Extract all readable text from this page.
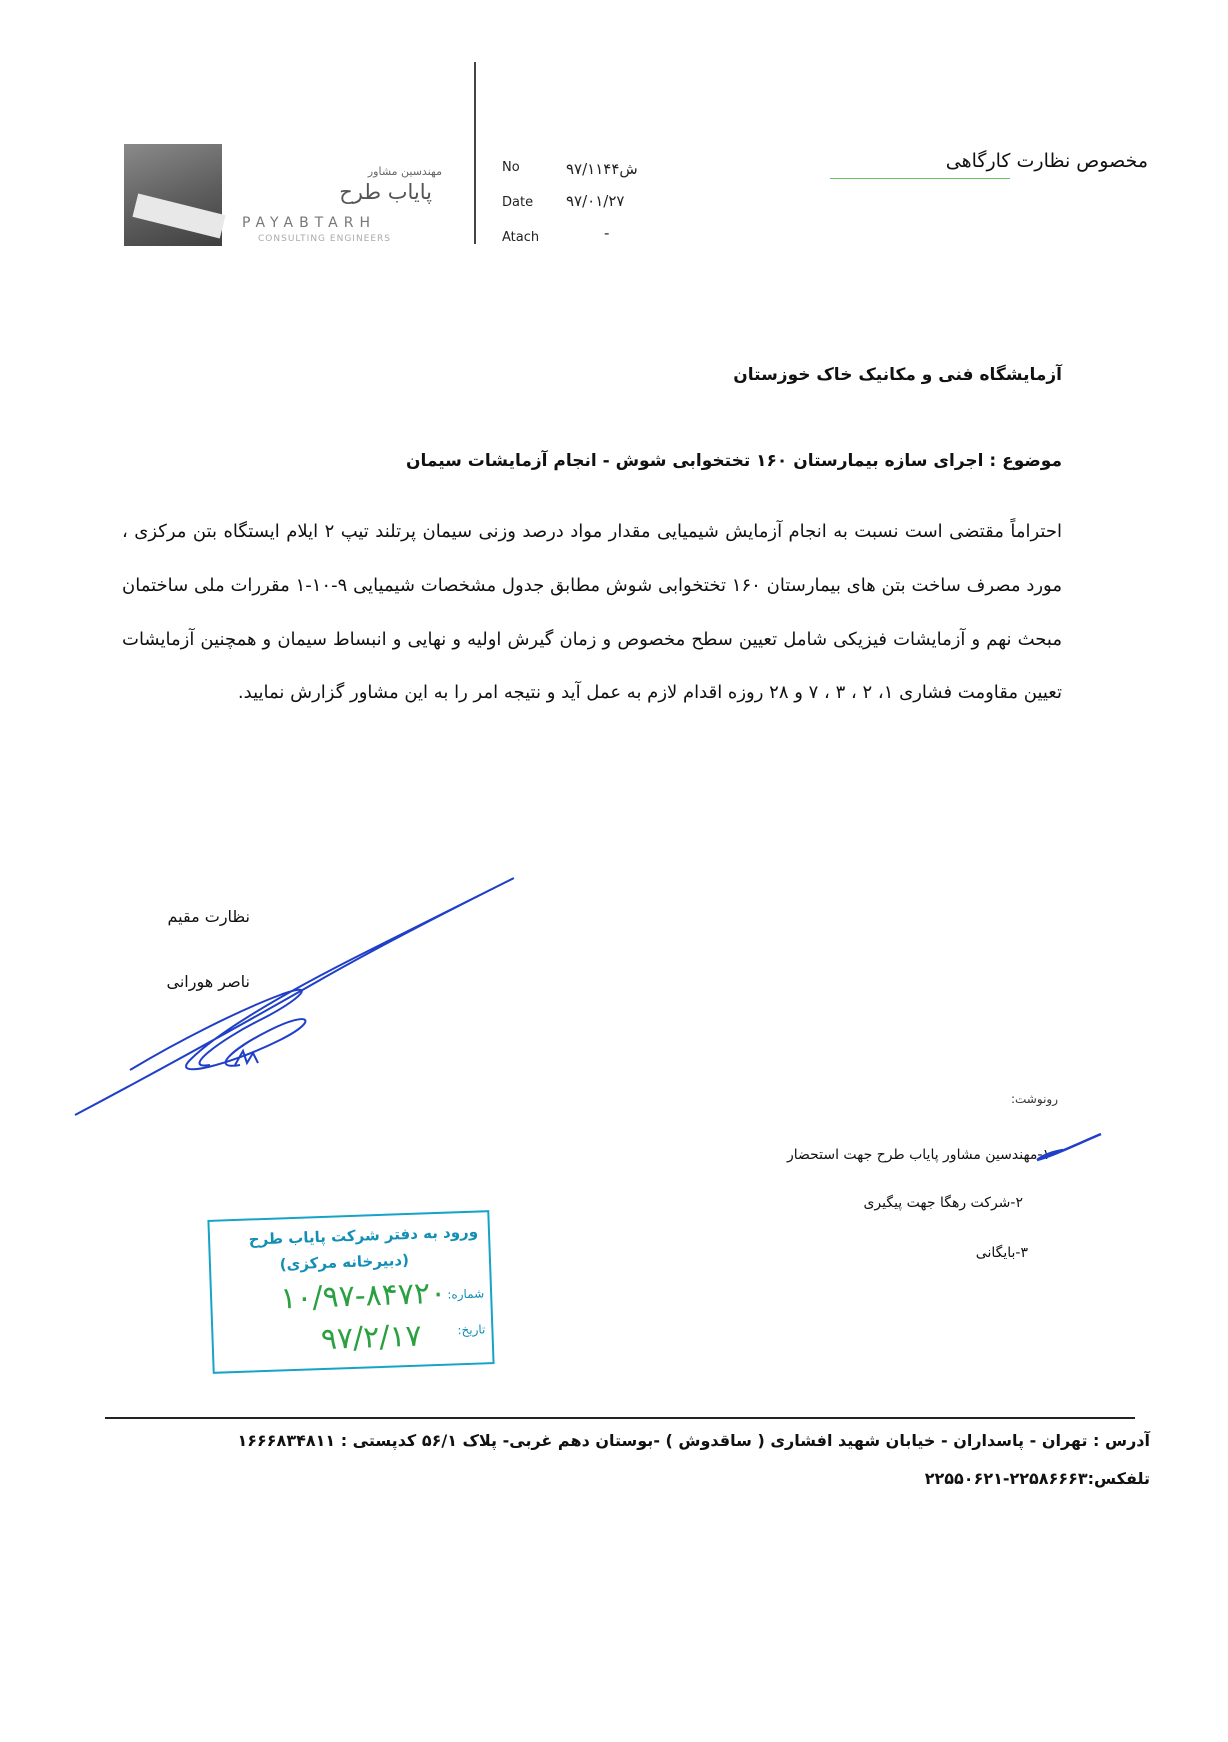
مهندسین مشاور
پایاب طرح
PAYABTARH
CONSULTING ENGINEERS
No	۹۷/۱۱۴۴ش
Date ۹۷/۰۱/۲۷
Atach	-
مخصوص نظارت کارگاهی
آزمایشگاه فنی و مکانیک خاک خوزستان
موضوع : اجرای سازه بیمارستان ۱۶۰ تختخوابی شوش - انجام آزمایشات سیمان
احتراماً مقتضی است نسبت به انجام آزمایش شیمیایی مقدار مواد درصد وزنی سیمان پرتلند تیپ ۲ ایلام ایستگاه بتن مرکزی ، مورد مصرف ساخت بتن های بیمارستان ۱۶۰ تختخوابی شوش مطابق جدول مشخصات شیمیایی ۹-۱۰-۱ مقررات ملی ساختمان مبحث نهم و آزمایشات فیزیکی شامل تعیین سطح مخصوص و زمان گیرش اولیه و نهایی و انبساط سیمان و همچنین آزمایشات تعیین مقاومت فشاری ۱، ۲ ، ۳ ، ۷ و ۲۸ روزه اقدام لازم به عمل آید و نتیجه امر را به این مشاور گزارش نمایید.
نظارت مقیم
ناصر هورانی
رونوشت:
۱-مهندسین مشاور پایاب طرح جهت استحضار
۲-شرکت رهگا جهت پیگیری
۳-بایگانی
ورود به دفتر شرکت پایاب طرح
(دبیرخانه مرکزی)
شماره:
۱۰/۹۷-۸۴۷۲۰
تاریخ:
۹۷/۲/۱۷
آدرس : تهران - پاسداران - خیابان شهید افشاری ( ساقدوش ) -بوستان دهم غربی- پلاک ۵۶/۱ کدپستی : ۱۶۶۶۸۳۴۸۱۱
تلفکس:۲۲۵۸۶۶۶۳-۲۲۵۵۰۶۲۱
